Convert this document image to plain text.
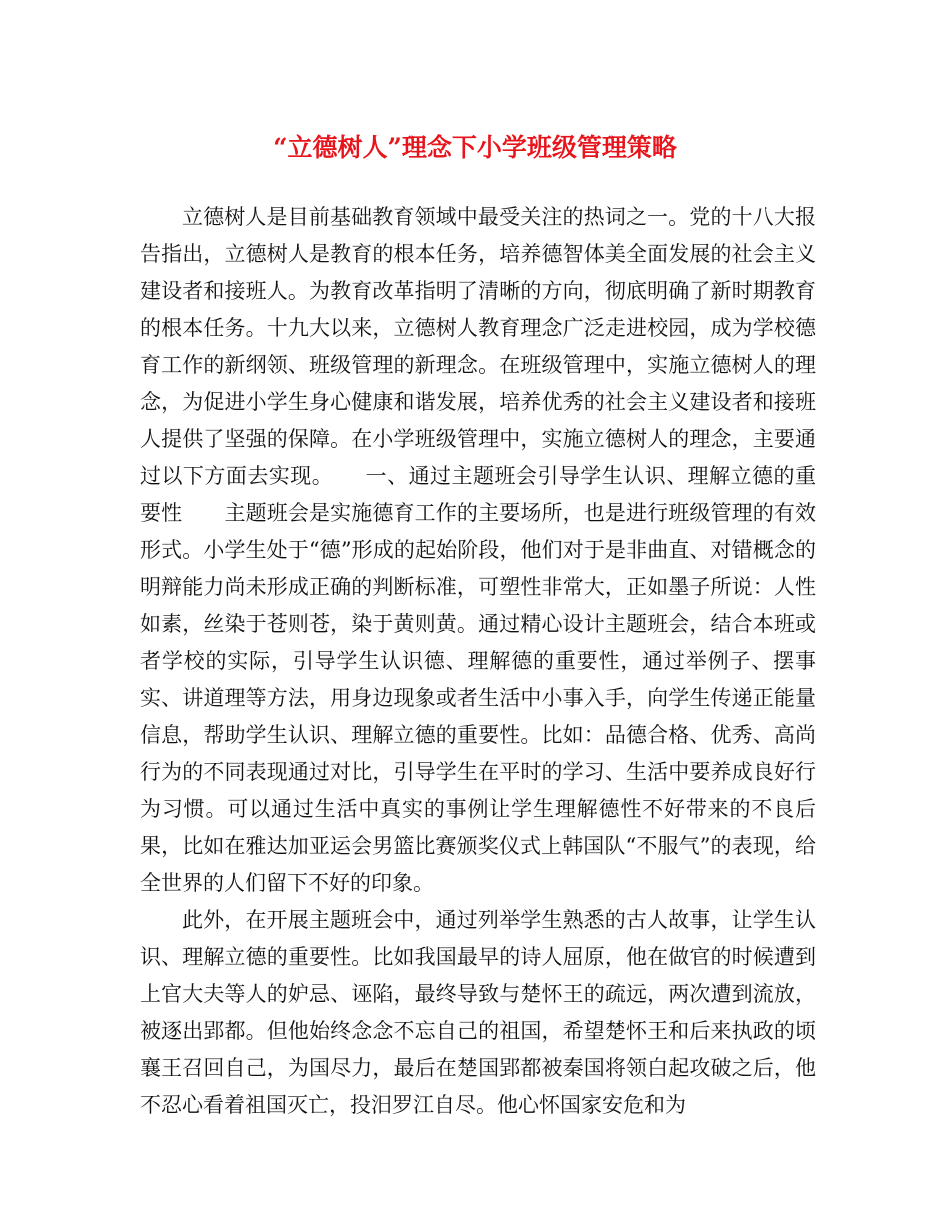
“立德树人”理念下小学班级管理策略

立德树人是目前基础教育领域中最受关注的热词之一。党的十八大报告指出，立德树人是教育的根本任务，培养德智体美全面发展的社会主义建设者和接班人。为教育改革指明了清晰的方向，彻底明确了新时期教育的根本任务。十九大以来，立德树人教育理念广泛走进校园，成为学校德育工作的新纲领、班级管理的新理念。在班级管理中，实施立德树人的理念，为促进小学生身心健康和谐发展，培养优秀的社会主义建设者和接班人提供了坚强的保障。在小学班级管理中，实施立德树人的理念，主要通过以下方面去实现。　　一、通过主题班会引导学生认识、理解立德的重要性　　主题班会是实施德育工作的主要场所，也是进行班级管理的有效形式。小学生处于“德”形成的起始阶段，他们对于是非曲直、对错概念的明辩能力尚未形成正确的判断标准，可塑性非常大，正如墨子所说：人性如素，丝染于苍则苍，染于黄则黄。通过精心设计主题班会，结合本班或者学校的实际，引导学生认识德、理解德的重要性，通过举例子、摆事实、讲道理等方法，用身边现象或者生活中小事入手，向学生传递正能量信息，帮助学生认识、理解立德的重要性。比如：品德合格、优秀、高尚行为的不同表现通过对比，引导学生在平时的学习、生活中要养成良好行为习惯。可以通过生活中真实的事例让学生理解德性不好带来的不良后果，比如在雅达加亚运会男篮比赛颁奖仪式上韩国队“不服气”的表现，给全世界的人们留下不好的印象。

此外，在开展主题班会中，通过列举学生熟悉的古人故事，让学生认识、理解立德的重要性。比如我国最早的诗人屈原，他在做官的时候遭到上官大夫等人的妒忌、诬陷，最终导致与楚怀王的疏远，两次遭到流放，被逐出郢都。但他始终念念不忘自己的祖国，希望楚怀王和后来执政的顷襄王召回自己，为国尽力，最后在楚国郢都被秦国将领白起攻破之后，他不忍心看着祖国灭亡，投汨罗江自尽。他心怀国家安危和为
